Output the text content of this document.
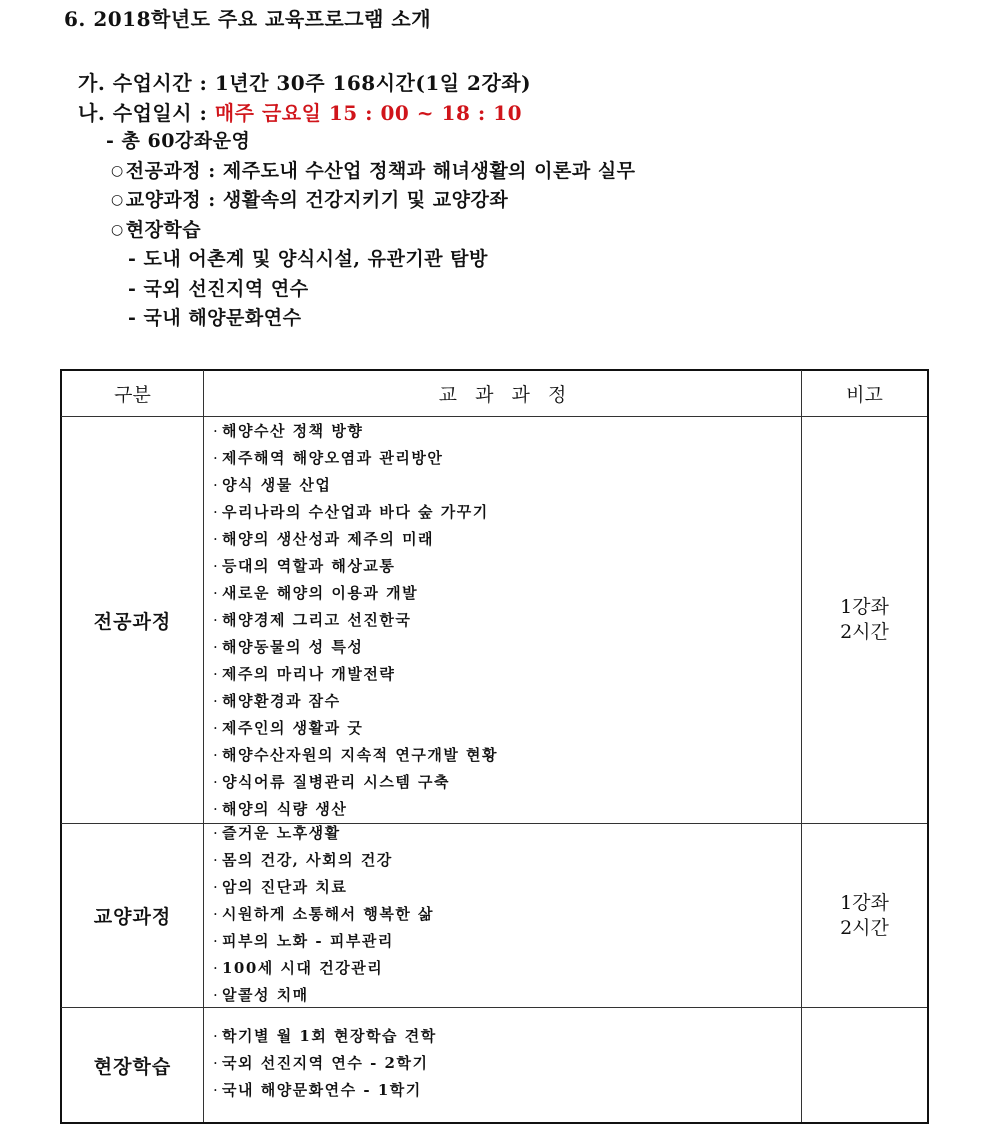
6. 2018학년도 주요 교육프로그램 소개
가. 수업시간 : 1년간 30주 168시간(1일 2강좌)
나. 수업일시 : 매주 금요일 15 : 00 ~ 18 : 10
- 총 60강좌운영
○ 전공과정 : 제주도내 수산업 정책과 해녀생활의 이론과 실무
○ 교양과정 : 생활속의 건강지키기 및 교양강좌
○ 현장학습
- 도내 어촌계 및 양식시설, 유관기관 탐방
- 국외 선진지역 연수
- 국내 해양문화연수
구분	교   과   과   정	비고
전공과정
· 해양수산 정책 방향
· 제주해역 해양오염과 관리방안
· 양식 생물 산업
· 우리나라의 수산업과 바다 숲 가꾸기
· 해양의 생산성과 제주의 미래
· 등대의 역할과 해상교통
· 새로운 해양의 이용과 개발
· 해양경제 그리고 선진한국
· 해양동물의 성 특성
· 제주의 마리나 개발전략
· 해양환경과 잠수
· 제주인의 생활과 굿
· 해양수산자원의 지속적 연구개발 현황
· 양식어류 질병관리 시스템 구축
· 해양의 식량 생산
1강좌
2시간
교양과정
· 즐거운 노후생활
· 몸의 건강, 사회의 건강
· 암의 진단과 치료
· 시원하게 소통해서 행복한 삶
· 피부의 노화 - 피부관리
· 100세 시대 건강관리
· 알콜성 치매
1강좌
2시간
현장학습
· 학기별 월 1회 현장학습 견학
· 국외 선진지역 연수 - 2학기
· 국내 해양문화연수 - 1학기
